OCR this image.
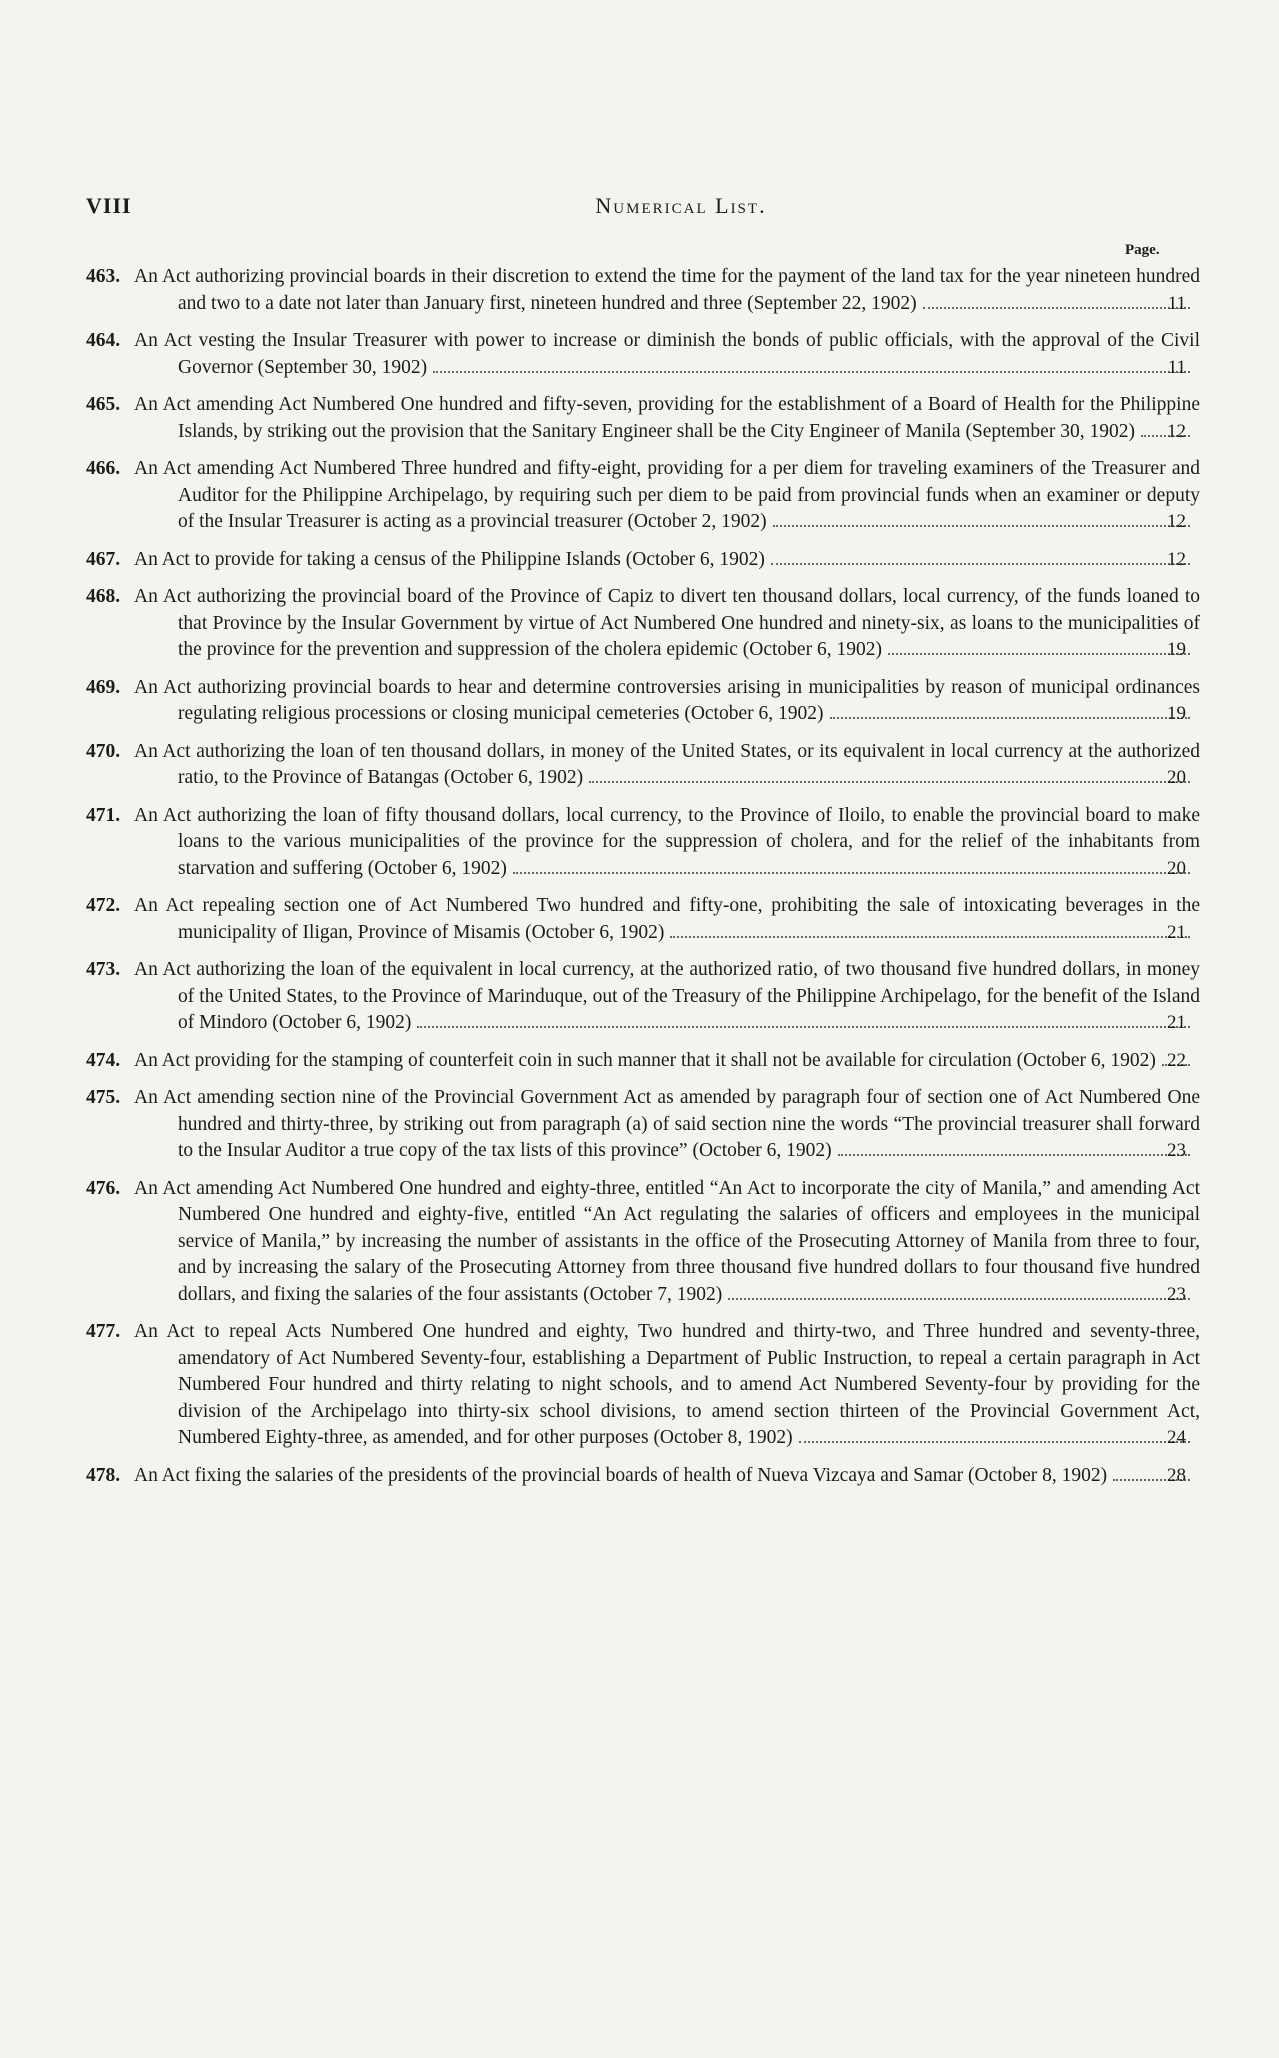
VIII	Numerical List.
Page.
463. An Act authorizing provincial boards in their discretion to extend the time for the payment of the land tax for the year nineteen hundred and two to a date not later than January first, nineteen hundred and three (September 22, 1902)	11
464. An Act vesting the Insular Treasurer with power to increase or diminish the bonds of public officials, with the approval of the Civil Governor (September 30, 1902)	11
465. An Act amending Act Numbered One hundred and fifty-seven, providing for the establishment of a Board of Health for the Philippine Islands, by striking out the provision that the Sanitary Engineer shall be the City Engineer of Manila (September 30, 1902)	12
466. An Act amending Act Numbered Three hundred and fifty-eight, providing for a per diem for traveling examiners of the Treasurer and Auditor for the Philippine Archipelago, by requiring such per diem to be paid from provincial funds when an examiner or deputy of the Insular Treasurer is acting as a provincial treasurer (October 2, 1902)	12
467. An Act to provide for taking a census of the Philippine Islands (October 6, 1902)	12
468. An Act authorizing the provincial board of the Province of Capiz to divert ten thousand dollars, local currency, of the funds loaned to that Province by the Insular Government by virtue of Act Numbered One hundred and ninety-six, as loans to the municipalities of the province for the prevention and suppression of the cholera epidemic (October 6, 1902)	19
469. An Act authorizing provincial boards to hear and determine controversies arising in municipalities by reason of municipal ordinances regulating religious processions or closing municipal cemeteries (October 6, 1902)	19
470. An Act authorizing the loan of ten thousand dollars, in money of the United States, or its equivalent in local currency at the authorized ratio, to the Province of Batangas (October 6, 1902)	20
471. An Act authorizing the loan of fifty thousand dollars, local currency, to the Province of Iloilo, to enable the provincial board to make loans to the various municipalities of the province for the suppression of cholera, and for the relief of the inhabitants from starvation and suffering (October 6, 1902)	20
472. An Act repealing section one of Act Numbered Two hundred and fifty-one, prohibiting the sale of intoxicating beverages in the municipality of Iligan, Province of Misamis (October 6, 1902)	21
473. An Act authorizing the loan of the equivalent in local currency, at the authorized ratio, of two thousand five hundred dollars, in money of the United States, to the Province of Marinduque, out of the Treasury of the Philippine Archipelago, for the benefit of the Island of Mindoro (October 6, 1902)	21
474. An Act providing for the stamping of counterfeit coin in such manner that it shall not be available for circulation (October 6, 1902) 22
475. An Act amending section nine of the Provincial Government Act as amended by paragraph four of section one of Act Numbered One hundred and thirty-three, by striking out from paragraph (a) of said section nine the words “The provincial treasurer shall forward to the Insular Auditor a true copy of the tax lists of this province” (October 6, 1902)	23
476. An Act amending Act Numbered One hundred and eighty-three, entitled “An Act to incorporate the city of Manila,” and amending Act Numbered One hundred and eighty-five, entitled “An Act regulating the salaries of officers and employees in the municipal service of Manila,” by increasing the number of assistants in the office of the Prosecuting Attorney of Manila from three to four, and by increasing the salary of the Prosecuting Attorney from three thousand five hundred dollars to four thousand five hundred dollars, and fixing the salaries of the four assistants (October 7, 1902)	23
477. An Act to repeal Acts Numbered One hundred and eighty, Two hundred and thirty-two, and Three hundred and seventy-three, amendatory of Act Numbered Seventy-four, establishing a Department of Public Instruction, to repeal a certain paragraph in Act Numbered Four hundred and thirty relating to night schools, and to amend Act Numbered Seventy-four by providing for the division of the Archipelago into thirty-six school divisions, to amend section thirteen of the Provincial Government Act, Numbered Eighty-three, as amended, and for other purposes (October 8, 1902)	24
478. An Act fixing the salaries of the presidents of the provincial boards of health of Nueva Vizcaya and Samar (October 8, 1902)	28
